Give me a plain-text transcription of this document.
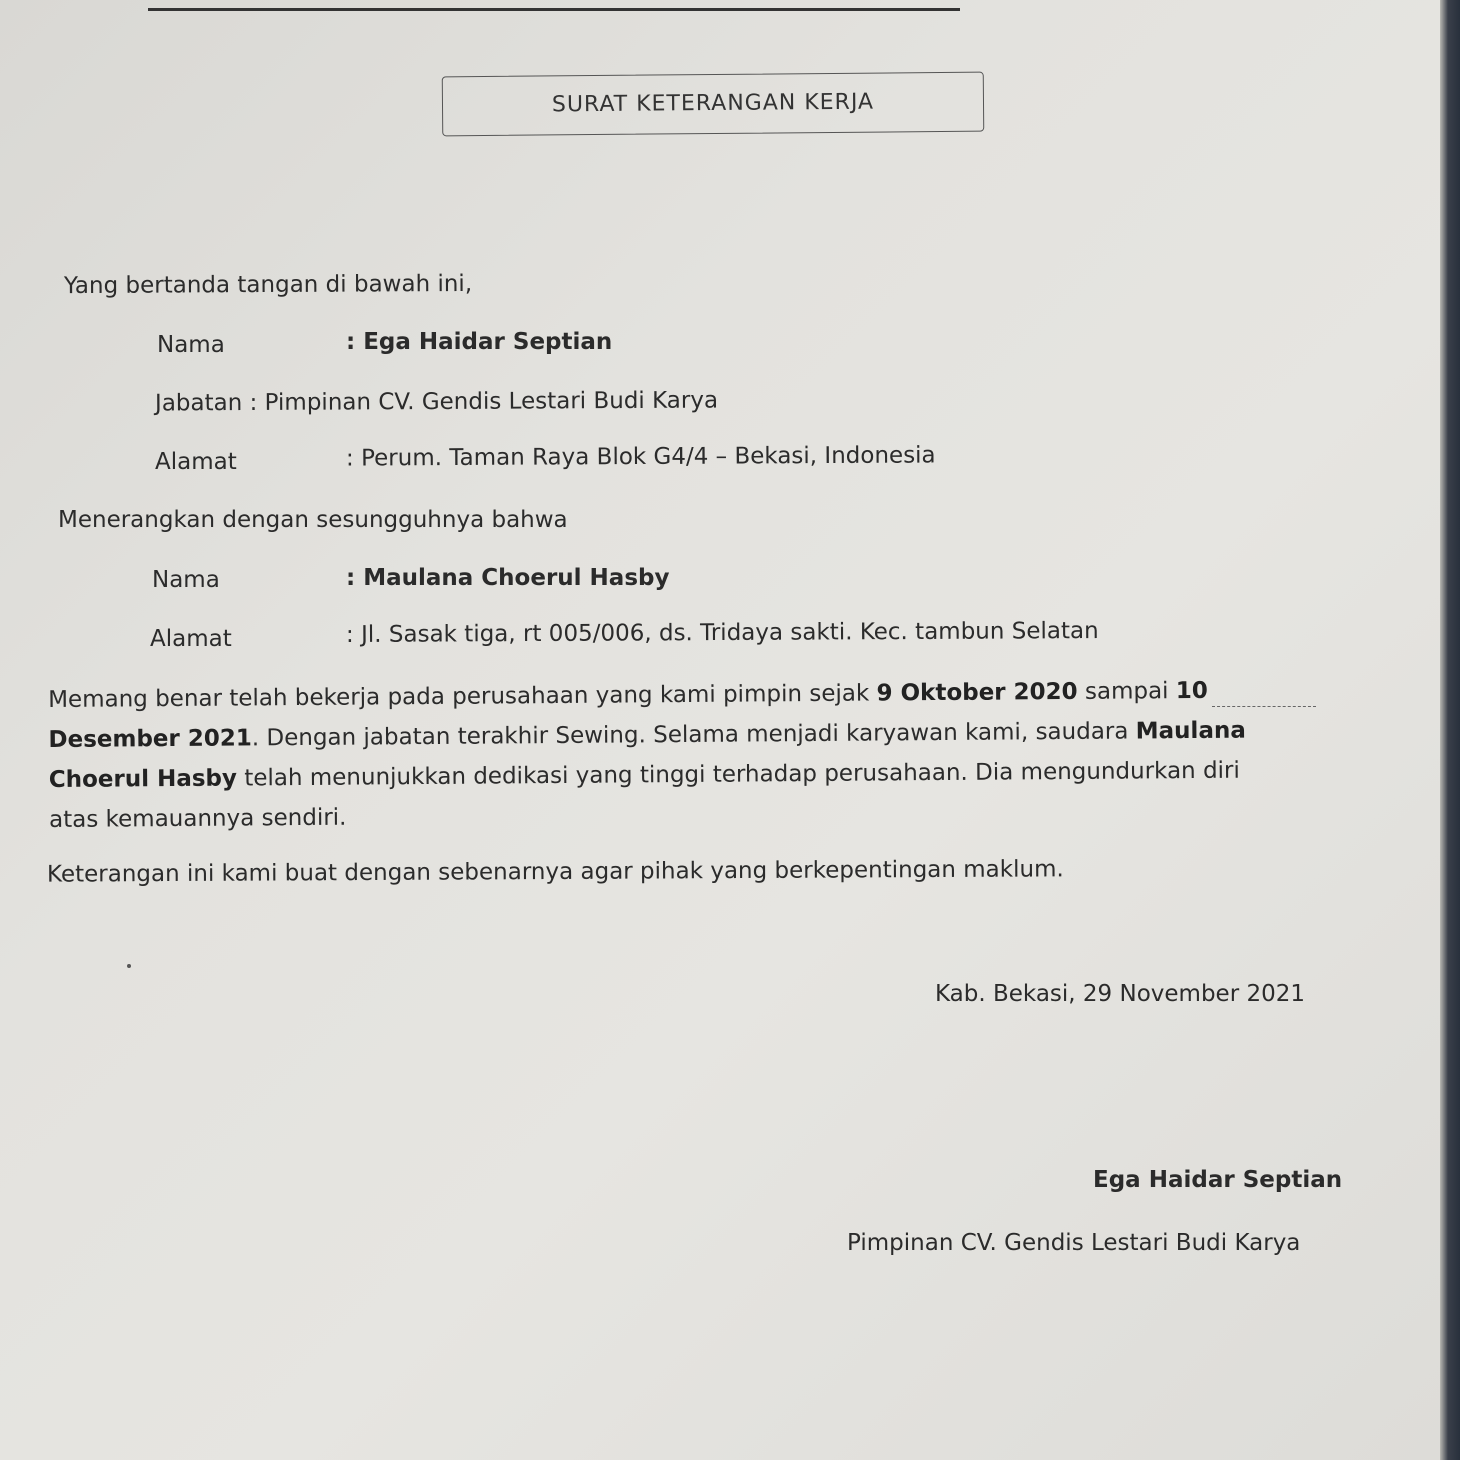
SURAT KETERANGAN KERJA
Yang bertanda tangan di bawah ini,
Nama	: Ega Haidar Septian
Jabatan : Pimpinan CV. Gendis Lestari Budi Karya
Alamat	: Perum. Taman Raya Blok G4/4 – Bekasi, Indonesia
Menerangkan dengan sesungguhnya bahwa
Nama	: Maulana Choerul Hasby
Alamat	: Jl. Sasak tiga, rt 005/006, ds. Tridaya sakti. Kec. tambun Selatan
Memang benar telah bekerja pada perusahaan yang kami pimpin sejak 9 Oktober 2020 sampai 10 Desember 2021. Dengan jabatan terakhir Sewing. Selama menjadi karyawan kami, saudara Maulana Choerul Hasby telah menunjukkan dedikasi yang tinggi terhadap perusahaan. Dia mengundurkan diri atas kemauannya sendiri.
Keterangan ini kami buat dengan sebenarnya agar pihak yang berkepentingan maklum.
Kab. Bekasi, 29 November 2021
Ega Haidar Septian
Pimpinan CV. Gendis Lestari Budi Karya
